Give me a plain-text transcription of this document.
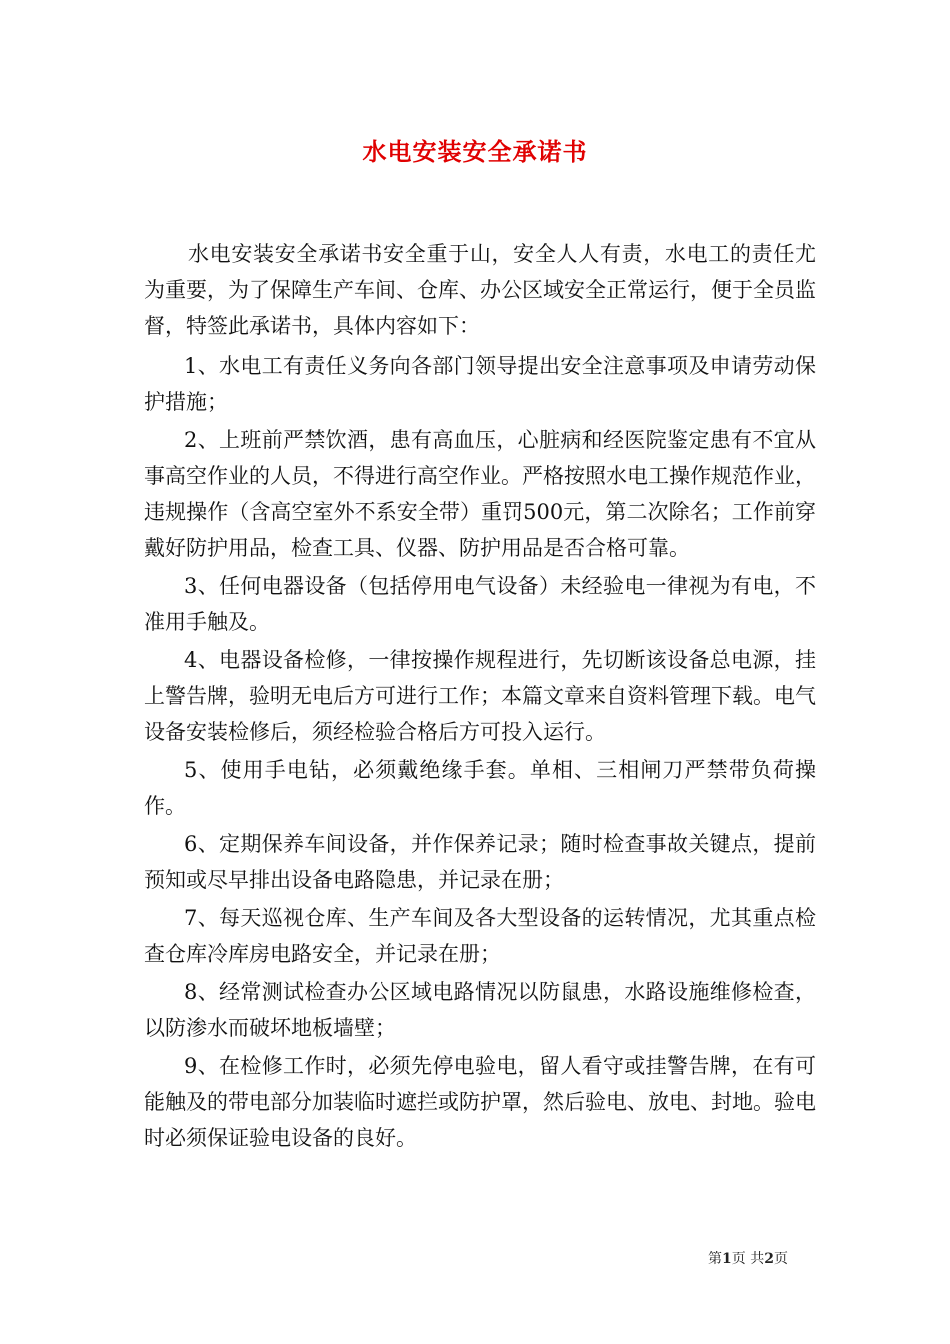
水电安装安全承诺书

水电安装安全承诺书安全重于山，安全人人有责，水电工的责任尤为重要，为了保障生产车间、仓库、办公区域安全正常运行，便于全员监督，特签此承诺书，具体内容如下：

1、水电工有责任义务向各部门领导提出安全注意事项及申请劳动保护措施；

2、上班前严禁饮酒，患有高血压，心脏病和经医院鉴定患有不宜从事高空作业的人员，不得进行高空作业。严格按照水电工操作规范作业，违规操作（含高空室外不系安全带）重罚500元，第二次除名；工作前穿戴好防护用品，检查工具、仪器、防护用品是否合格可靠。

3、任何电器设备（包括停用电气设备）未经验电一律视为有电，不准用手触及。

4、电器设备检修，一律按操作规程进行，先切断该设备总电源，挂上警告牌，验明无电后方可进行工作；本篇文章来自资料管理下载。电气设备安装检修后，须经检验合格后方可投入运行。

5、使用手电钻，必须戴绝缘手套。单相、三相闸刀严禁带负荷操作。

6、定期保养车间设备，并作保养记录；随时检查事故关键点，提前预知或尽早排出设备电路隐患，并记录在册；

7、每天巡视仓库、生产车间及各大型设备的运转情况，尤其重点检查仓库冷库房电路安全，并记录在册；

8、经常测试检查办公区域电路情况以防鼠患，水路设施维修检查，以防渗水而破坏地板墙壁；

9、在检修工作时，必须先停电验电，留人看守或挂警告牌，在有可能触及的带电部分加装临时遮拦或防护罩，然后验电、放电、封地。验电时必须保证验电设备的良好。

第1页 共2页
